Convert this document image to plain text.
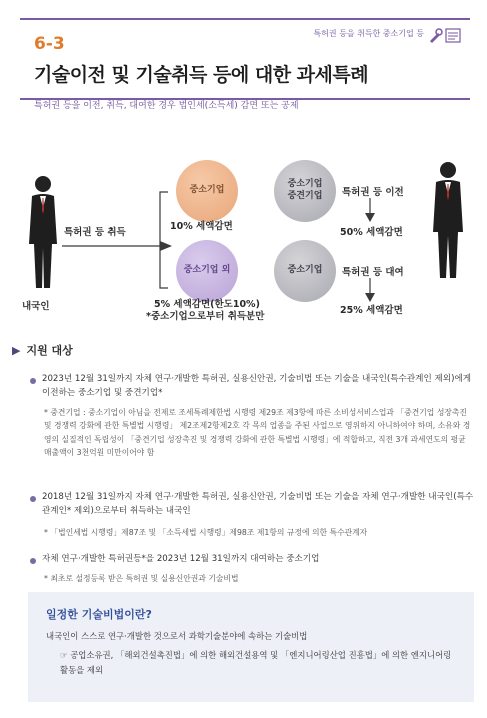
6-3
특허권 등을 취득한 중소기업 등
기술이전 및 기술취득 등에 대한 과세특례
특허권 등을 이전, 취득, 대여한 경우 법인세(소득세) 감면 또는 공제
내국인
특허권 등 취득
중소기업
10% 세액감면
중소기업 외
5% 세액감면(한도10%)
*중소기업으로부터 취득분만
중소기업
중견기업 특허권 등 이전
50% 세액감면
중소기업 특허권 등 대여
25% 세액감면
▶ 지원 대상
2023년 12월 31일까지 자체 연구·개발한 특허권, 실용신안권, 기술비법 또는 기술을 내국인(특수관계인 제외)에게 이전하는 중소기업 및 중견기업*
* 중견기업 : 중소기업이 아님을 전제로 조세특례제한법 시행령 제29조 제3항에 따른 소비성서비스업과 「중견기업 성장촉진 및 경쟁력 강화에 관한 특별법 시행령」 제2조제2항제2호 각 목의 업종을 주된 사업으로 영위하지 아니하여야 하며, 소유와 경영의 실질적인 독립성이 「중견기업 성장촉진 및 경쟁력 강화에 관한 특별법 시행령」에 적합하고, 직전 3개 과세연도의 평균 매출액이 3천억원 미만이어야 함
2018년 12월 31일까지 자체 연구·개발한 특허권, 실용신안권, 기술비법 또는 기술을 자체 연구·개발한 내국인(특수관계인* 제외)으로부터 취득하는 내국인
* 「법인세법 시행령」제87조 및 「소득세법 시행령」제98조 제1항의 규정에 의한 특수관계자
자체 연구·개발한 특허권등*을 2023년 12월 31일까지 대여하는 중소기업
* 최초로 설정등록 받은 특허권 및 실용신안권과 기술비법
일정한 기술비법이란?
내국인이 스스로 연구·개발한 것으로서 과학기술분야에 속하는 기술비법
☞ 공업소유권, 「해외건설촉진법」에 의한 해외건설용역 및 「엔지니어링산업 진흥법」에 의한 엔지니어링 활동을 제외
